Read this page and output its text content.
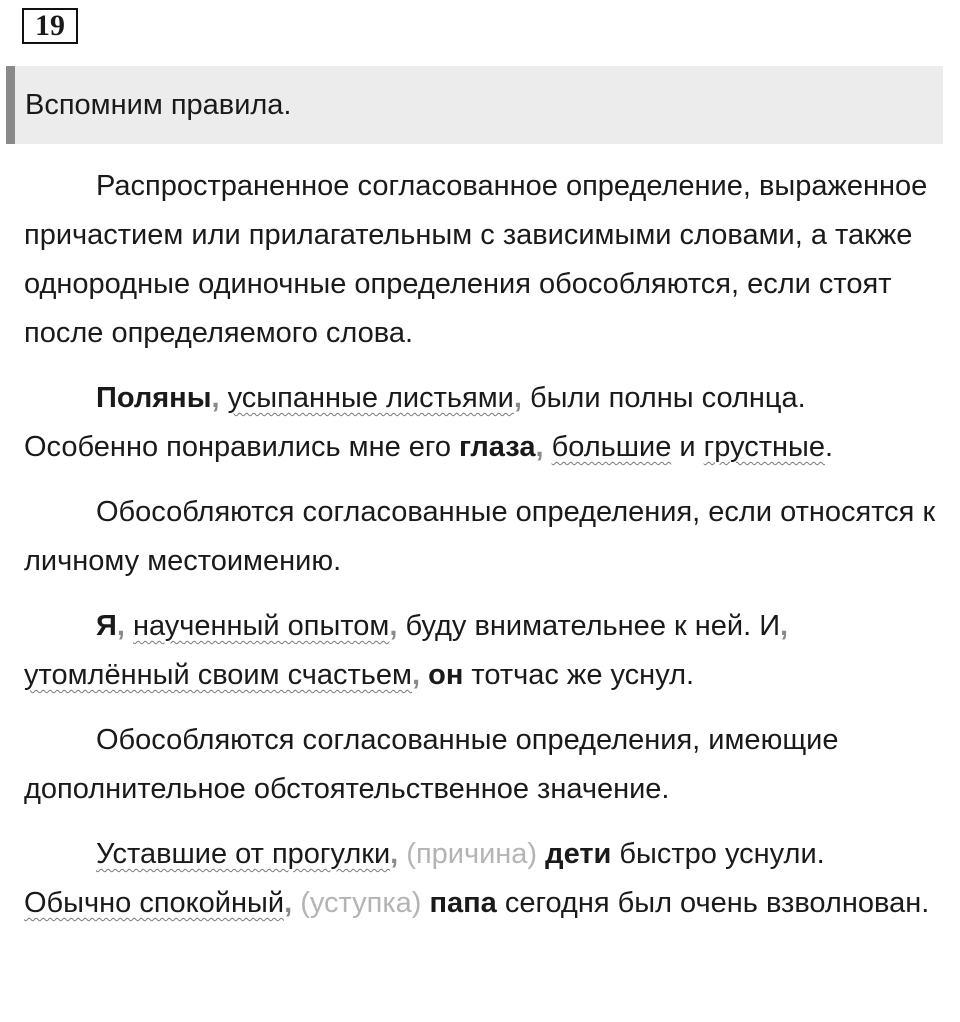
19
Вспомним правила.

Распространенное согласованное определение, выраженное причастием или прилагательным с зависимыми словами, а также однородные одиночные определения обособляются, если стоят после определяемого слова.

Поляны, усыпанные листьями, были полны солнца.
Особенно понравились мне его глаза, большие и грустные.

Обособляются согласованные определения, если относятся к личному местоимению.

Я, наученный опытом, буду внимательнее к ней. И,
утомлённый своим счастьем, он тотчас же уснул.

Обособляются согласованные определения, имеющие дополнительное обстоятельственное значение.

Уставшие от прогулки, (причина) дети быстро уснули.
Обычно спокойный, (уступка) папа сегодня был очень взволнован.
